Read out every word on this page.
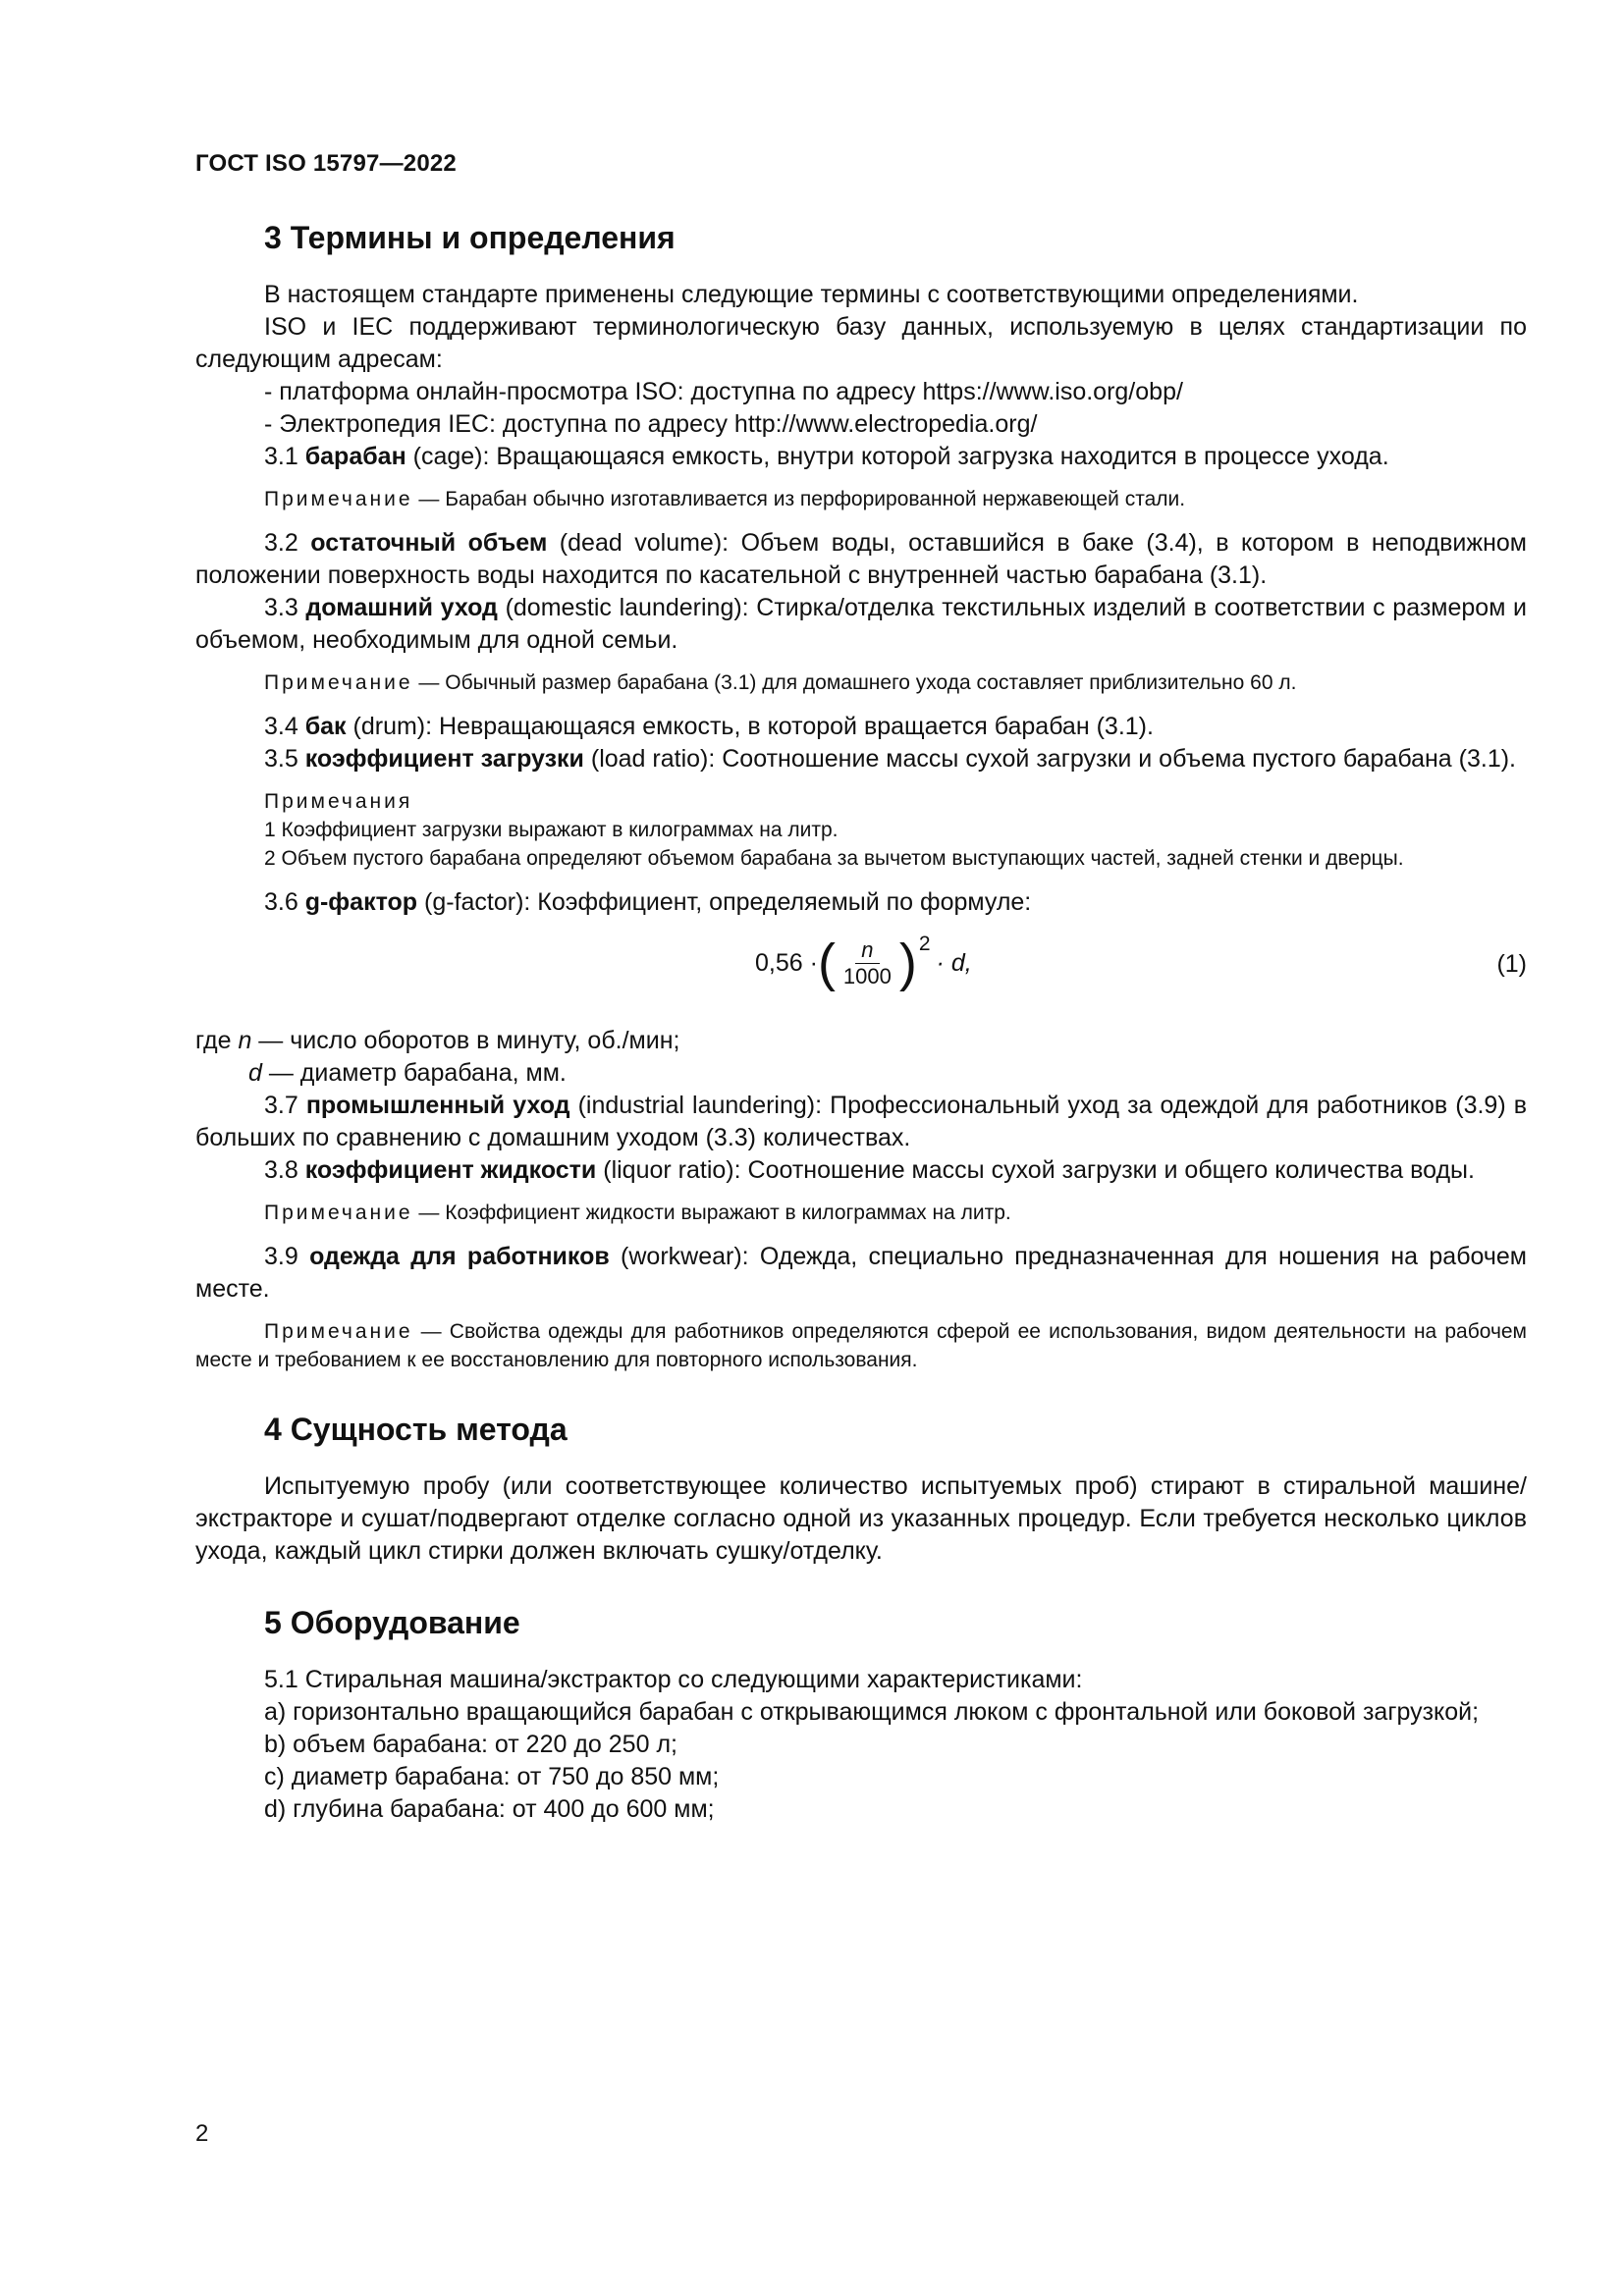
ГОСТ ISO 15797—2022
3 Термины и определения

В настоящем стандарте применены следующие термины с соответствующими определениями.

ISO и IEC поддерживают терминологическую базу данных, используемую в целях стандартизации по следующим адресам:

- платформа онлайн-просмотра ISO: доступна по адресу https://www.iso.org/obp/

- Электропедия IEC: доступна по адресу http://www.electropedia.org/

3.1 барабан (cage): Вращающаяся емкость, внутри которой загрузка находится в процессе ухода.

Примечание — Барабан обычно изготавливается из перфорированной нержавеющей стали.

3.2 остаточный объем (dead volume): Объем воды, оставшийся в баке (3.4), в котором в неподвижном положении поверхность воды находится по касательной с внутренней частью барабана (3.1).

3.3 домашний уход (domestic laundering): Стирка/отделка текстильных изделий в соответствии с размером и объемом, необходимым для одной семьи.

Примечание — Обычный размер барабана (3.1) для домашнего ухода составляет приблизительно 60 л.

3.4 бак (drum): Невращающаяся емкость, в которой вращается барабан (3.1).

3.5 коэффициент загрузки (load ratio): Соотношение массы сухой загрузки и объема пустого барабана (3.1).

Примечания

1 Коэффициент загрузки выражают в килограммах на литр.

2 Объем пустого барабана определяют объемом барабана за вычетом выступающих частей, задней стенки и дверцы.

3.6 g-фактор (g-factor): Коэффициент, определяемый по формуле:

0,56 · ( $\frac{n}{1000}$ ) 2
· d,	(1)

где n — число оборотов в минуту, об./мин;

d — диаметр барабана, мм.

3.7 промышленный уход (industrial laundering): Профессиональный уход за одеждой для работников (3.9) в больших по сравнению с домашним уходом (3.3) количествах.

3.8 коэффициент жидкости (liquor ratio): Соотношение массы сухой загрузки и общего количества воды.

Примечание — Коэффициент жидкости выражают в килограммах на литр.

3.9 одежда для работников (workwear): Одежда, специально предназначенная для ношения на рабочем месте.

Примечание — Свойства одежды для работников определяются сферой ее использования, видом деятельности на рабочем месте и требованием к ее восстановлению для повторного использования.

4 Сущность метода

Испытуемую пробу (или соответствующее количество испытуемых проб) стирают в стиральной машине/экстракторе и сушат/подвергают отделке согласно одной из указанных процедур. Если требуется несколько циклов ухода, каждый цикл стирки должен включать сушку/отделку.

5 Оборудование

5.1 Стиральная машина/экстрактор со следующими характеристиками:

a) горизонтально вращающийся барабан с открывающимся люком с фронтальной или боковой загрузкой;

b) объем барабана: от 220 до 250 л;

c) диаметр барабана: от 750 до 850 мм;

d) глубина барабана: от 400 до 600 мм;

2
